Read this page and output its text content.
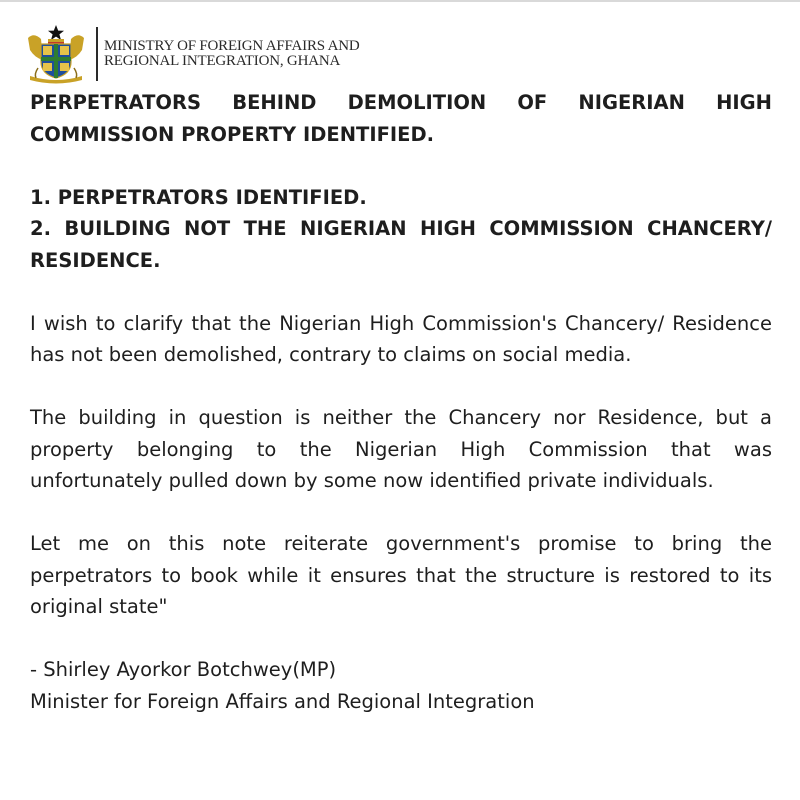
MINISTRY OF FOREIGN AFFAIRS AND
REGIONAL INTEGRATION, GHANA

PERPETRATORS BEHIND DEMOLITION OF NIGERIAN HIGH COMMISSION PROPERTY IDENTIFIED.

1. PERPETRATORS IDENTIFIED.

2. BUILDING NOT THE NIGERIAN HIGH COMMISSION CHANCERY/ RESIDENCE.

I wish to clarify that the Nigerian High Commission's Chancery/ Residence has not been demolished, contrary to claims on social media.

The building in question is neither the Chancery nor Residence, but a property belonging to the Nigerian High Commission that was unfortunately pulled down by some now identified private individuals.

Let me on this note reiterate government's promise to bring the perpetrators to book while it ensures that the structure is restored to its original state"

- Shirley Ayorkor Botchwey(MP)
Minister for Foreign Affairs and Regional Integration
